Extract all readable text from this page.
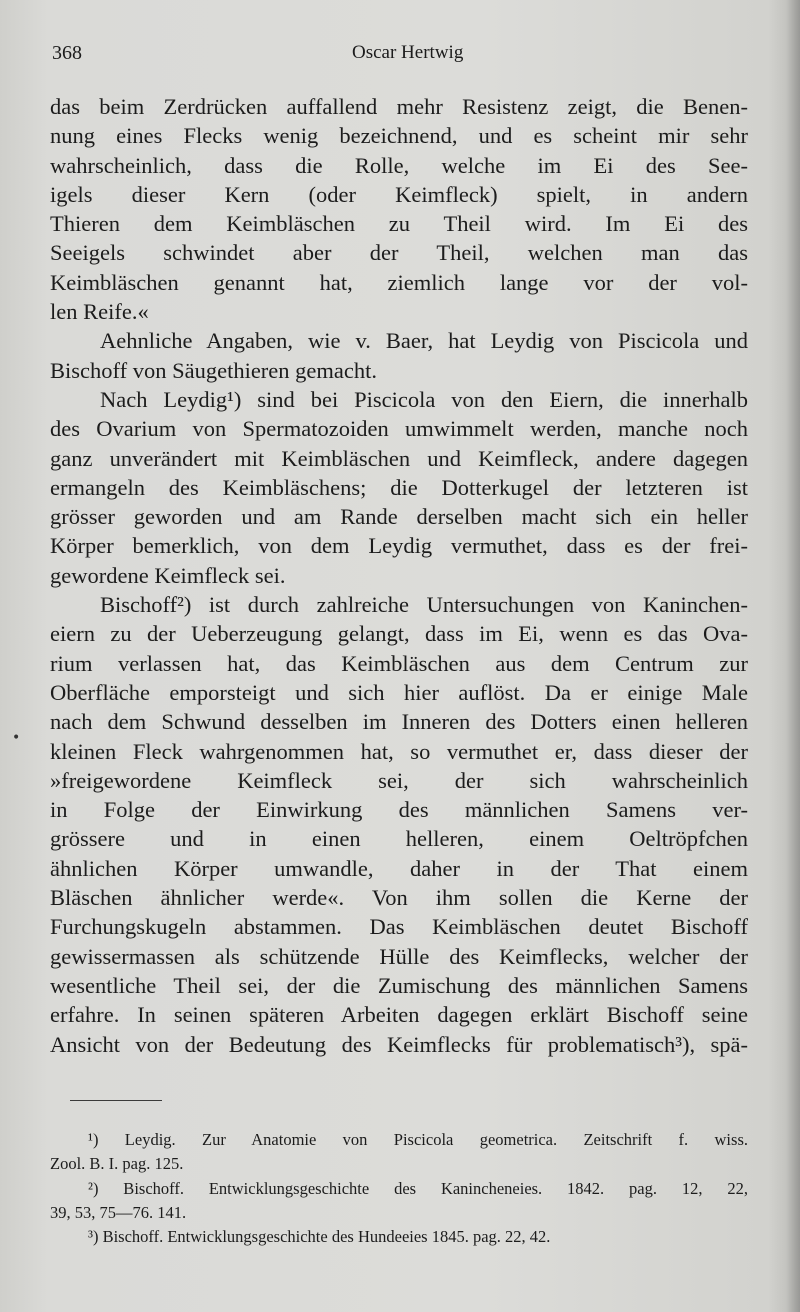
368	Oscar Hertwig
das beim Zerdrücken auffallend mehr Resistenz zeigt, die Benen-
nung eines Flecks wenig bezeichnend, und es scheint mir sehr
wahrscheinlich, dass die Rolle, welche im Ei des See-
igels dieser Kern (oder Keimfleck) spielt, in andern
Thieren dem Keimbläschen zu Theil wird. Im Ei des
Seeigels schwindet aber der Theil, welchen man das
Keimbläschen genannt hat, ziemlich lange vor der vol-
len Reife.«
Aehnliche Angaben, wie v. Baer, hat Leydig von Piscicola und
Bischoff von Säugethieren gemacht.
Nach Leydig¹) sind bei Piscicola von den Eiern, die innerhalb
des Ovarium von Spermatozoiden umwimmelt werden, manche noch
ganz unverändert mit Keimbläschen und Keimfleck, andere dagegen
ermangeln des Keimbläschens; die Dotterkugel der letzteren ist
grösser geworden und am Rande derselben macht sich ein heller
Körper bemerklich, von dem Leydig vermuthet, dass es der frei-
gewordene Keimfleck sei.
Bischoff²) ist durch zahlreiche Untersuchungen von Kaninchen-
eiern zu der Ueberzeugung gelangt, dass im Ei, wenn es das Ova-
rium verlassen hat, das Keimbläschen aus dem Centrum zur
Oberfläche emporsteigt und sich hier auflöst. Da er einige Male
nach dem Schwund desselben im Inneren des Dotters einen helleren
kleinen Fleck wahrgenommen hat, so vermuthet er, dass dieser der
»freigewordene Keimfleck sei, der sich wahrscheinlich
in Folge der Einwirkung des männlichen Samens ver-
grössere und in einen helleren, einem Oeltröpfchen
ähnlichen Körper umwandle, daher in der That einem
Bläschen ähnlicher werde«. Von ihm sollen die Kerne der
Furchungskugeln abstammen. Das Keimbläschen deutet Bischoff
gewissermassen als schützende Hülle des Keimflecks, welcher der
wesentliche Theil sei, der die Zumischung des männlichen Samens
erfahre. In seinen späteren Arbeiten dagegen erklärt Bischoff seine
Ansicht von der Bedeutung des Keimflecks für problematisch³), spä-
•
¹) Leydig. Zur Anatomie von Piscicola geometrica. Zeitschrift f. wiss.
Zool. B. I. pag. 125.
²) Bischoff. Entwicklungsgeschichte des Kanincheneies. 1842. pag. 12, 22,
39, 53, 75—76. 141.
³) Bischoff. Entwicklungsgeschichte des Hundeeies 1845. pag. 22, 42.
